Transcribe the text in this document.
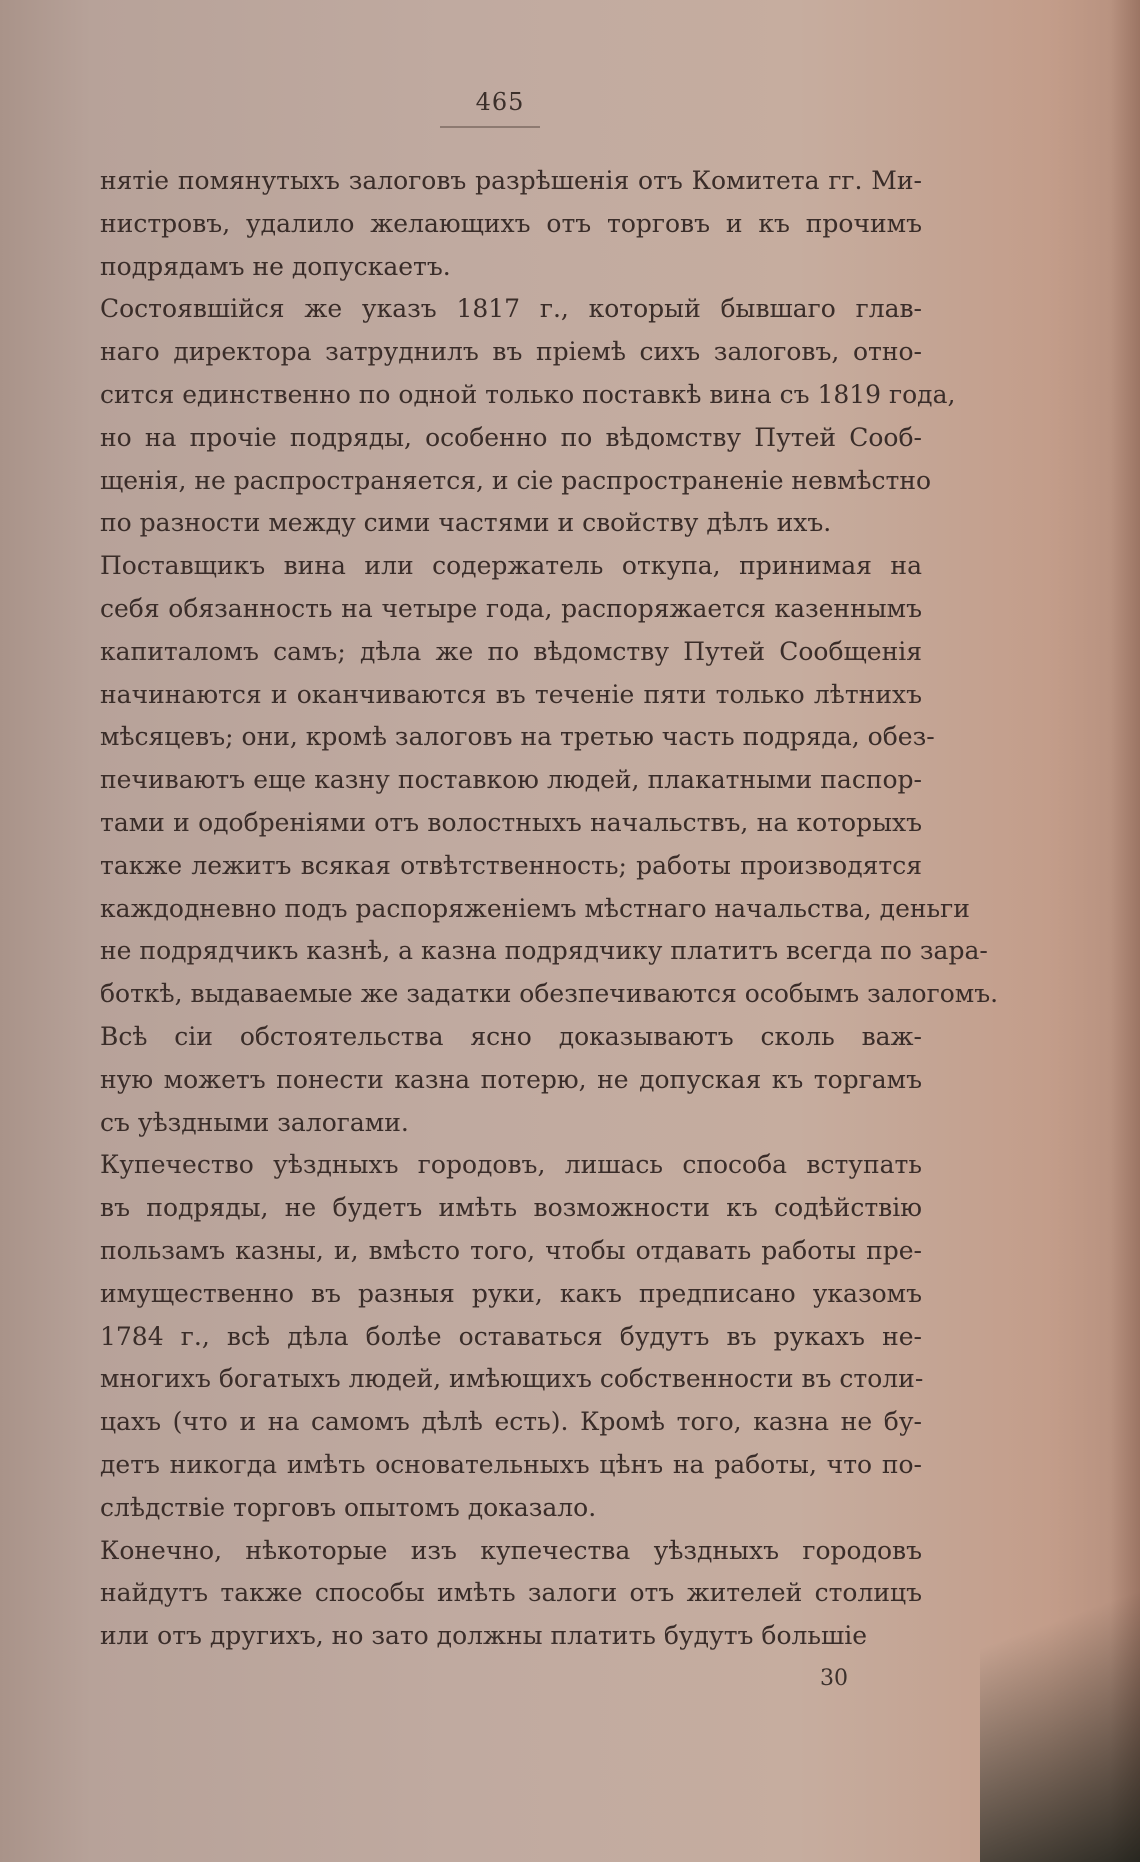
465
нятіе помянутыхъ залоговъ разрѣшенія отъ Комитета гг. Ми-
нистровъ, удалило желающихъ отъ торговъ и къ прочимъ
подрядамъ не допускаетъ.
Состоявшійся же указъ 1817 г., который бывшаго глав-
наго директора затруднилъ въ пріемѣ сихъ залоговъ, отно-
сится единственно по одной только поставкѣ вина съ 1819 года,
но на прочіе подряды, особенно по вѣдомству Путей Сооб-
щенія, не распространяется, и сіе распространеніе невмѣстно
по разности между сими частями и свойству дѣлъ ихъ.
Поставщикъ вина или содержатель откупа, принимая на
себя обязанность на четыре года, распоряжается казеннымъ
капиталомъ самъ; дѣла же по вѣдомству Путей Сообщенія
начинаются и оканчиваются въ теченіе пяти только лѣтнихъ
мѣсяцевъ; они, кромѣ залоговъ на третью часть подряда, обез-
печиваютъ еще казну поставкою людей, плакатными паспор-
тами и одобреніями отъ волостныхъ начальствъ, на которыхъ
также лежитъ всякая отвѣтственность; работы производятся
каждодневно подъ распоряженіемъ мѣстнаго начальства, деньги
не подрядчикъ казнѣ, а казна подрядчику платитъ всегда по зара-
боткѣ, выдаваемые же задатки обезпечиваются особымъ залогомъ.
Всѣ сіи обстоятельства ясно доказываютъ сколь важ-
ную можетъ понести казна потерю, не допуская къ торгамъ
съ уѣздными залогами.
Купечество уѣздныхъ городовъ, лишась способа вступать
въ подряды, не будетъ имѣть возможности къ содѣйствію
пользамъ казны, и, вмѣсто того, чтобы отдавать работы пре-
имущественно въ разныя руки, какъ предписано указомъ
1784 г., всѣ дѣла болѣе оставаться будутъ въ рукахъ не-
многихъ богатыхъ людей, имѣющихъ собственности въ столи-
цахъ (что и на самомъ дѣлѣ есть). Кромѣ того, казна не бу-
детъ никогда имѣть основательныхъ цѣнъ на работы, что по-
слѣдствіе торговъ опытомъ доказало.
Конечно, нѣкоторые изъ купечества уѣздныхъ городовъ
найдутъ также способы имѣть залоги отъ жителей столицъ
или отъ другихъ, но зато должны платить будутъ большіе
30
